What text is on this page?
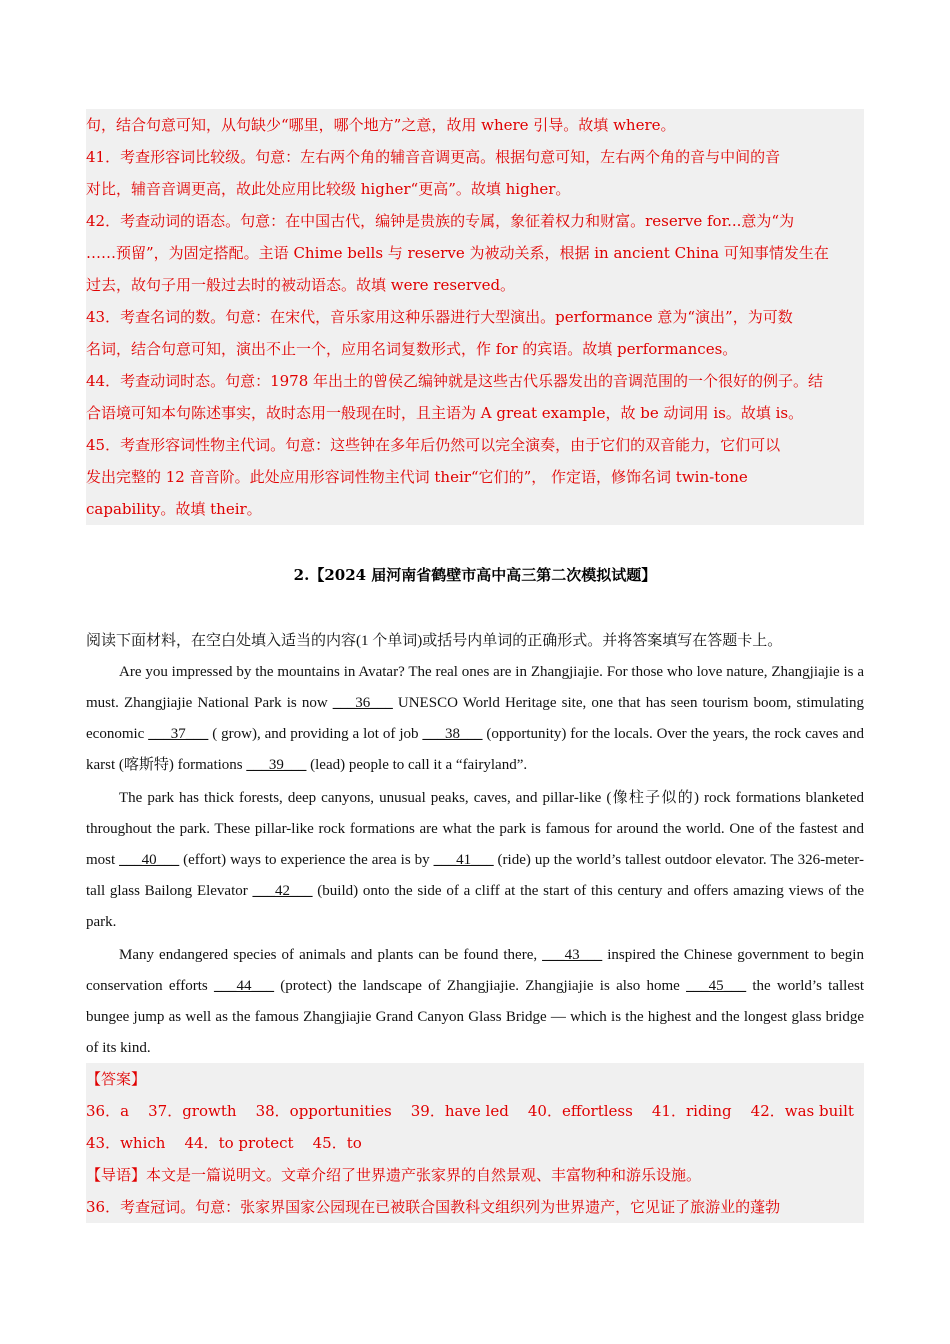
句，结合句意可知，从句缺少“哪里，哪个地方”之意，故用 where 引导。故填 where。

41．考查形容词比较级。句意：左右两个角的辅音音调更高。根据句意可知，左右两个角的音与中间的音

对比，辅音音调更高，故此处应用比较级 higher“更高”。故填 higher。

42．考查动词的语态。句意：在中国古代，编钟是贵族的专属，象征着权力和财富。reserve for...意为“为

……预留”，为固定搭配。主语 Chime bells 与 reserve 为被动关系，根据 in ancient China 可知事情发生在

过去，故句子用一般过去时的被动语态。故填 were reserved。

43．考查名词的数。句意：在宋代，音乐家用这种乐器进行大型演出。performance 意为“演出”，为可数

名词，结合句意可知，演出不止一个，应用名词复数形式，作 for 的宾语。故填 performances。

44．考查动词时态。句意：1978 年出土的曾侯乙编钟就是这些古代乐器发出的音调范围的一个很好的例子。结

合语境可知本句陈述事实，故时态用一般现在时，且主语为 A great example，故 be 动词用 is。故填 is。

45．考查形容词性物主代词。句意：这些钟在多年后仍然可以完全演奏，由于它们的双音能力，它们可以

发出完整的 12 音音阶。此处应用形容词性物主代词 their“它们的”， 作定语，修饰名词 twin-tone

capability。故填 their。

2.【2024 届河南省鹤壁市高中高三第二次模拟试题】

阅读下面材料，在空白处填入适当的内容(1 个单词)或括号内单词的正确形式。并将答案填写在答题卡上。

Are you impressed by the mountains in Avatar? The real ones are in Zhangjiajie. For those who love nature, Zhangjiajie is a must. Zhangjiajie National Park is now ___36___ UNESCO World Heritage site, one that has seen tourism boom, stimulating economic ___37___ ( grow), and providing a lot of job ___38___ (opportunity) for the locals. Over the years, the rock caves and karst (喀斯特) formations ___39___ (lead) people to call it a “fairyland”.

The park has thick forests, deep canyons, unusual peaks, caves, and pillar-like (像柱子似的) rock formations blanketed throughout the park. These pillar-like rock formations are what the park is famous for around the world. One of the fastest and most ___40___ (effort) ways to experience the area is by ___41___ (ride) up the world’s tallest outdoor elevator. The 326-meter-tall glass Bailong Elevator ___42___ (build) onto the side of a cliff at the start of this century and offers amazing views of the park.

Many endangered species of animals and plants can be found there, ___43___ inspired the Chinese government to begin conservation efforts ___44___ (protect) the landscape of Zhangjiajie. Zhangjiajie is also home ___45___ the world’s tallest bungee jump as well as the famous Zhangjiajie Grand Canyon Glass Bridge — which is the highest and the longest glass bridge of its kind.

【答案】

36．a    37．growth    38．opportunities    39．have led    40．effortless    41．riding    42．was built

43．which    44．to protect    45．to

【导语】本文是一篇说明文。文章介绍了世界遗产张家界的自然景观、丰富物种和游乐设施。

36．考查冠词。句意：张家界国家公园现在已被联合国教科文组织列为世界遗产，它见证了旅游业的蓬勃
